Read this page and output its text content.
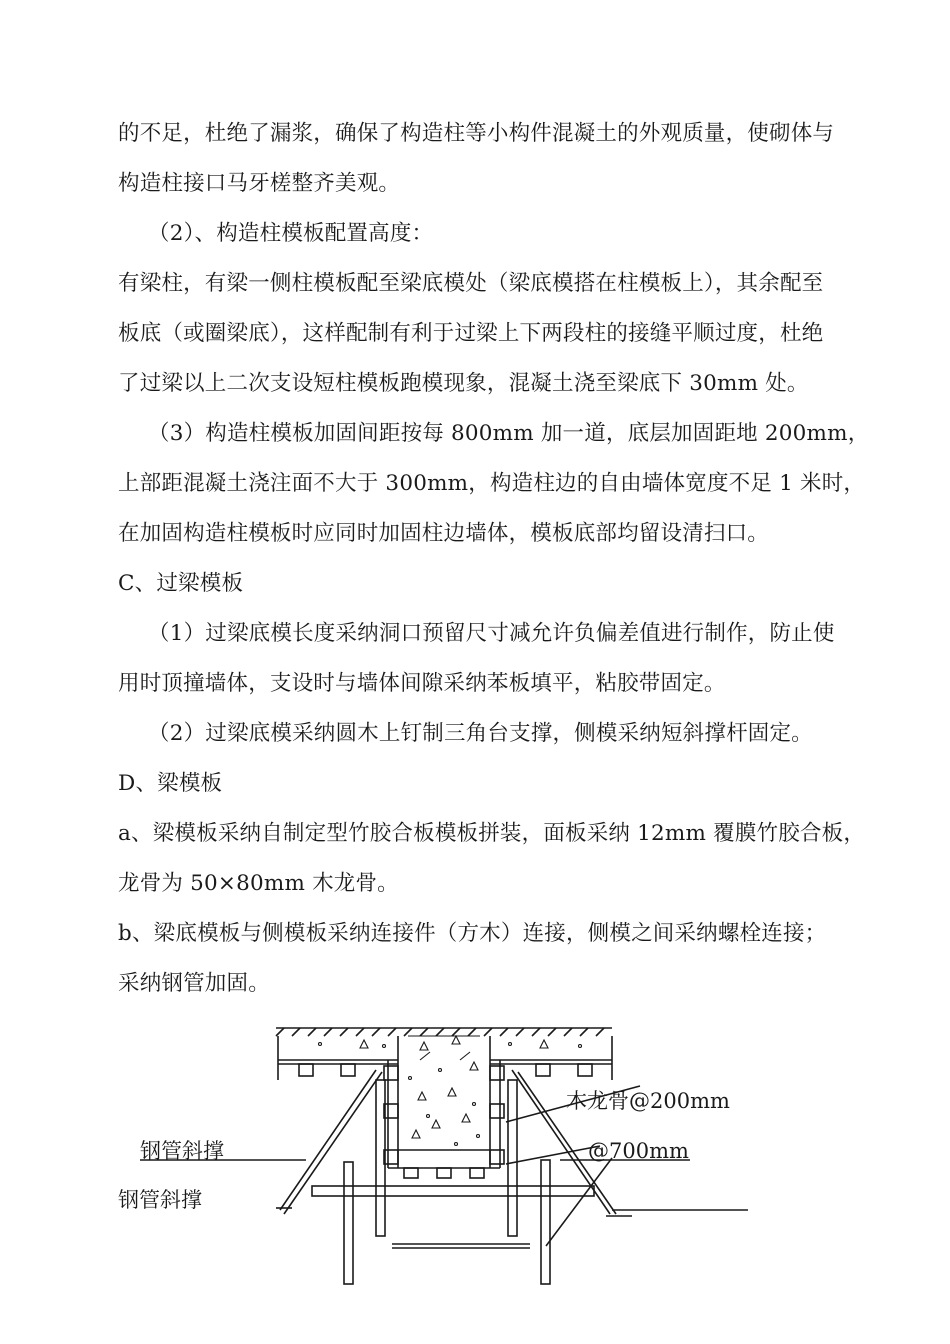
的不足，杜绝了漏浆，确保了构造柱等小构件混凝土的外观质量，使砌体与
构造柱接口马牙槎整齐美观。
（2）、构造柱模板配置高度：
有梁柱，有梁一侧柱模板配至梁底模处（梁底模搭在柱模板上），其余配至
板底（或圈梁底），这样配制有利于过梁上下两段柱的接缝平顺过度，杜绝
了过梁以上二次支设短柱模板跑模现象，混凝土浇至梁底下 30mm 处。
（3）构造柱模板加固间距按每 800mm 加一道，底层加固距地 200mm，
上部距混凝土浇注面不大于 300mm，构造柱边的自由墙体宽度不足 1 米时，
在加固构造柱模板时应同时加固柱边墙体，模板底部均留设清扫口。
C、过梁模板
（1）过梁底模长度采纳洞口预留尺寸减允许负偏差值进行制作，防止使
用时顶撞墙体，支设时与墙体间隙采纳苯板填平，粘胶带固定。
（2）过梁底模采纳圆木上钉制三角台支撑，侧模采纳短斜撑杆固定。
D、梁模板
a、梁模板采纳自制定型竹胶合板模板拼装，面板采纳 12mm 覆膜竹胶合板，
龙骨为 50×80mm 木龙骨。
b、梁底模板与侧模板采纳连接件（方木）连接，侧模之间采纳螺栓连接；
采纳钢管加固。
木龙骨@200mm
@700mm
钢管斜撑
钢管斜撑
